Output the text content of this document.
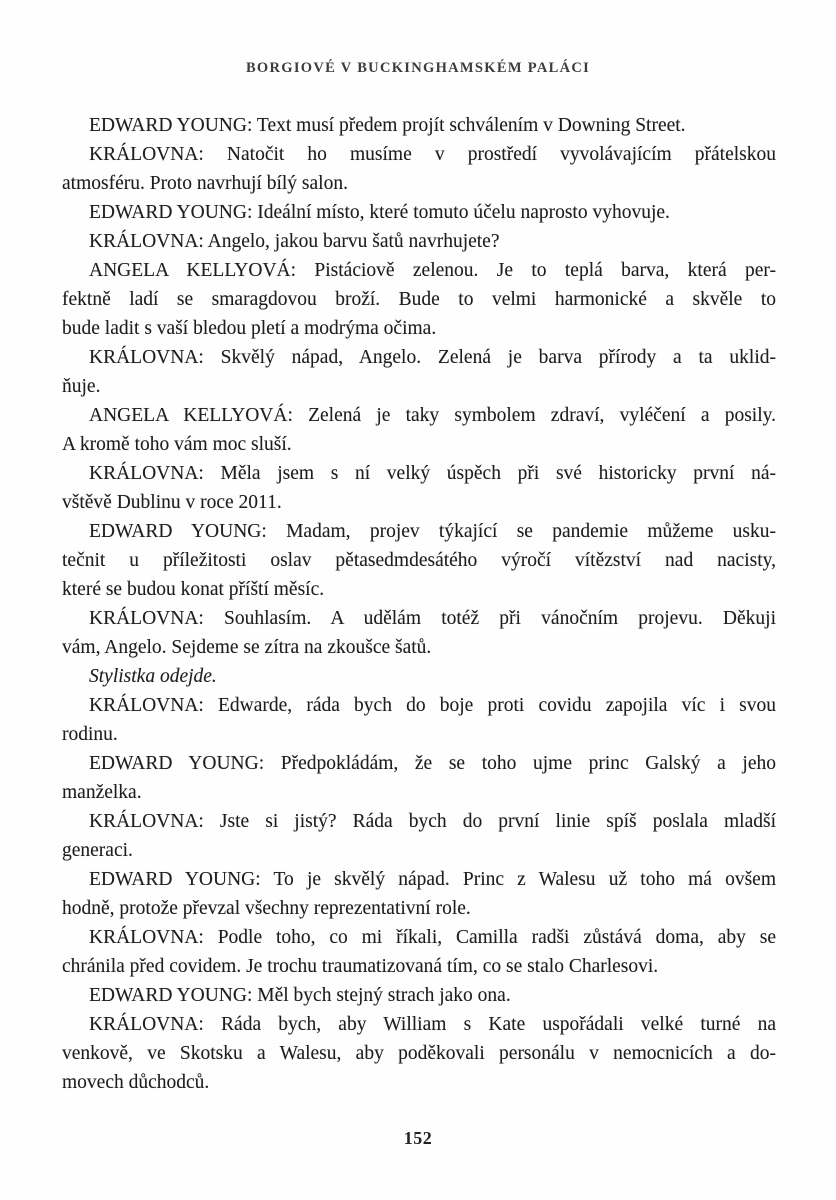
BORGIOVÉ V BUCKINGHAMSKÉM PALÁCI
EDWARD YOUNG: Text musí předem projít schválením v Downing Street.
KRÁLOVNA: Natočit ho musíme v prostředí vyvolávajícím přátelskou
atmosféru. Proto navrhují bílý salon.
EDWARD YOUNG: Ideální místo, které tomuto účelu naprosto vyhovuje.
KRÁLOVNA: Angelo, jakou barvu šatů navrhujete?
ANGELA KELLYOVÁ: Pistáciově zelenou. Je to teplá barva, která per-
fektně ladí se smaragdovou broží. Bude to velmi harmonické a skvěle to
bude ladit s vaší bledou pletí a modrýma očima.
KRÁLOVNA: Skvělý nápad, Angelo. Zelená je barva přírody a ta uklid-
ňuje.
ANGELA KELLYOVÁ: Zelená je taky symbolem zdraví, vyléčení a posily.
A kromě toho vám moc sluší.
KRÁLOVNA: Měla jsem s ní velký úspěch při své historicky první ná-
vštěvě Dublinu v roce 2011.
EDWARD YOUNG: Madam, projev týkající se pandemie můžeme usku-
tečnit u příležitosti oslav pětasedmdesátého výročí vítězství nad nacisty,
které se budou konat příští měsíc.
KRÁLOVNA: Souhlasím. A udělám totéž při vánočním projevu. Děkuji
vám, Angelo. Sejdeme se zítra na zkoušce šatů.
Stylistka odejde.
KRÁLOVNA: Edwarde, ráda bych do boje proti covidu zapojila víc i svou
rodinu.
EDWARD YOUNG: Předpokládám, že se toho ujme princ Galský a jeho
manželka.
KRÁLOVNA: Jste si jistý? Ráda bych do první linie spíš poslala mladší
generaci.
EDWARD YOUNG: To je skvělý nápad. Princ z Walesu už toho má ovšem
hodně, protože převzal všechny reprezentativní role.
KRÁLOVNA: Podle toho, co mi říkali, Camilla radši zůstává doma, aby se
chránila před covidem. Je trochu traumatizovaná tím, co se stalo Charlesovi.
EDWARD YOUNG: Měl bych stejný strach jako ona.
KRÁLOVNA: Ráda bych, aby William s Kate uspořádali velké turné na
venkově, ve Skotsku a Walesu, aby poděkovali personálu v nemocnicích a do-
movech důchodců.
152
